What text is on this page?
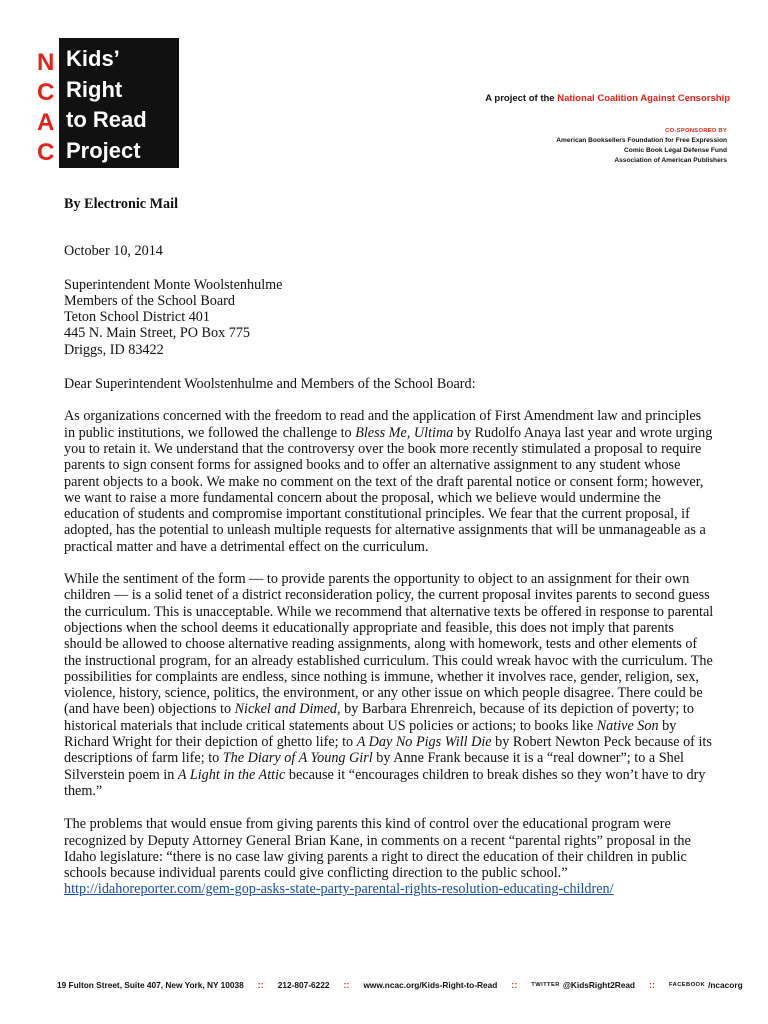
N
C
A
C
Kids’
Right
to Read
Project
A project of the National Coalition Against Censorship
CO-SPONSORED BY
American Booksellers Foundation for Free Expression
Comic Book Legal Defense Fund
Association of American Publishers

By Electronic Mail

October 10, 2014

Superintendent Monte Woolstenhulme
Members of the School Board
Teton School District 401
445 N. Main Street, PO Box 775
Driggs, ID 83422

Dear Superintendent Woolstenhulme and Members of the School Board:

As organizations concerned with the freedom to read and the application of First Amendment law and principles in public institutions, we followed the challenge to Bless Me, Ultima by Rudolfo Anaya last year and wrote urging you to retain it. We understand that the controversy over the book more recently stimulated a proposal to require parents to sign consent forms for assigned books and to offer an alternative assignment to any student whose parent objects to a book. We make no comment on the text of the draft parental notice or consent form; however, we want to raise a more fundamental concern about the proposal, which we believe would undermine the education of students and compromise important constitutional principles. We fear that the current proposal, if adopted, has the potential to unleash multiple requests for alternative assignments that will be unmanageable as a practical matter and have a detrimental effect on the curriculum.

While the sentiment of the form — to provide parents the opportunity to object to an assignment for their own children — is a solid tenet of a district reconsideration policy, the current proposal invites parents to second guess the curriculum. This is unacceptable. While we recommend that alternative texts be offered in response to parental objections when the school deems it educationally appropriate and feasible, this does not imply that parents should be allowed to choose alternative reading assignments, along with homework, tests and other elements of the instructional program, for an already established curriculum. This could wreak havoc with the curriculum. The possibilities for complaints are endless, since nothing is immune, whether it involves race, gender, religion, sex, violence, history, science, politics, the environment, or any other issue on which people disagree. There could be (and have been) objections to Nickel and Dimed, by Barbara Ehrenreich, because of its depiction of poverty; to historical materials that include critical statements about US policies or actions; to books like Native Son by Richard Wright for their depiction of ghetto life; to A Day No Pigs Will Die by Robert Newton Peck because of its descriptions of farm life; to The Diary of A Young Girl by Anne Frank because it is a “real downer”; to a Shel Silverstein poem in A Light in the Attic because it “encourages children to break dishes so they won’t have to dry them.”

The problems that would ensue from giving parents this kind of control over the educational program were recognized by Deputy Attorney General Brian Kane, in comments on a recent “parental rights” proposal in the Idaho legislature: “there is no case law giving parents a right to direct the education of their children in public schools because individual parents could give conflicting direction to the public school.”
http://idahoreporter.com/gem-gop-asks-state-party-parental-rights-resolution-educating-children/

19 Fulton Street, Suite 407, New York, NY 10038 :: 212-807-6222 :: www.ncac.org/Kids-Right-to-Read :: TWITTER @KidsRight2Read :: FACEBOOK /ncacorg
